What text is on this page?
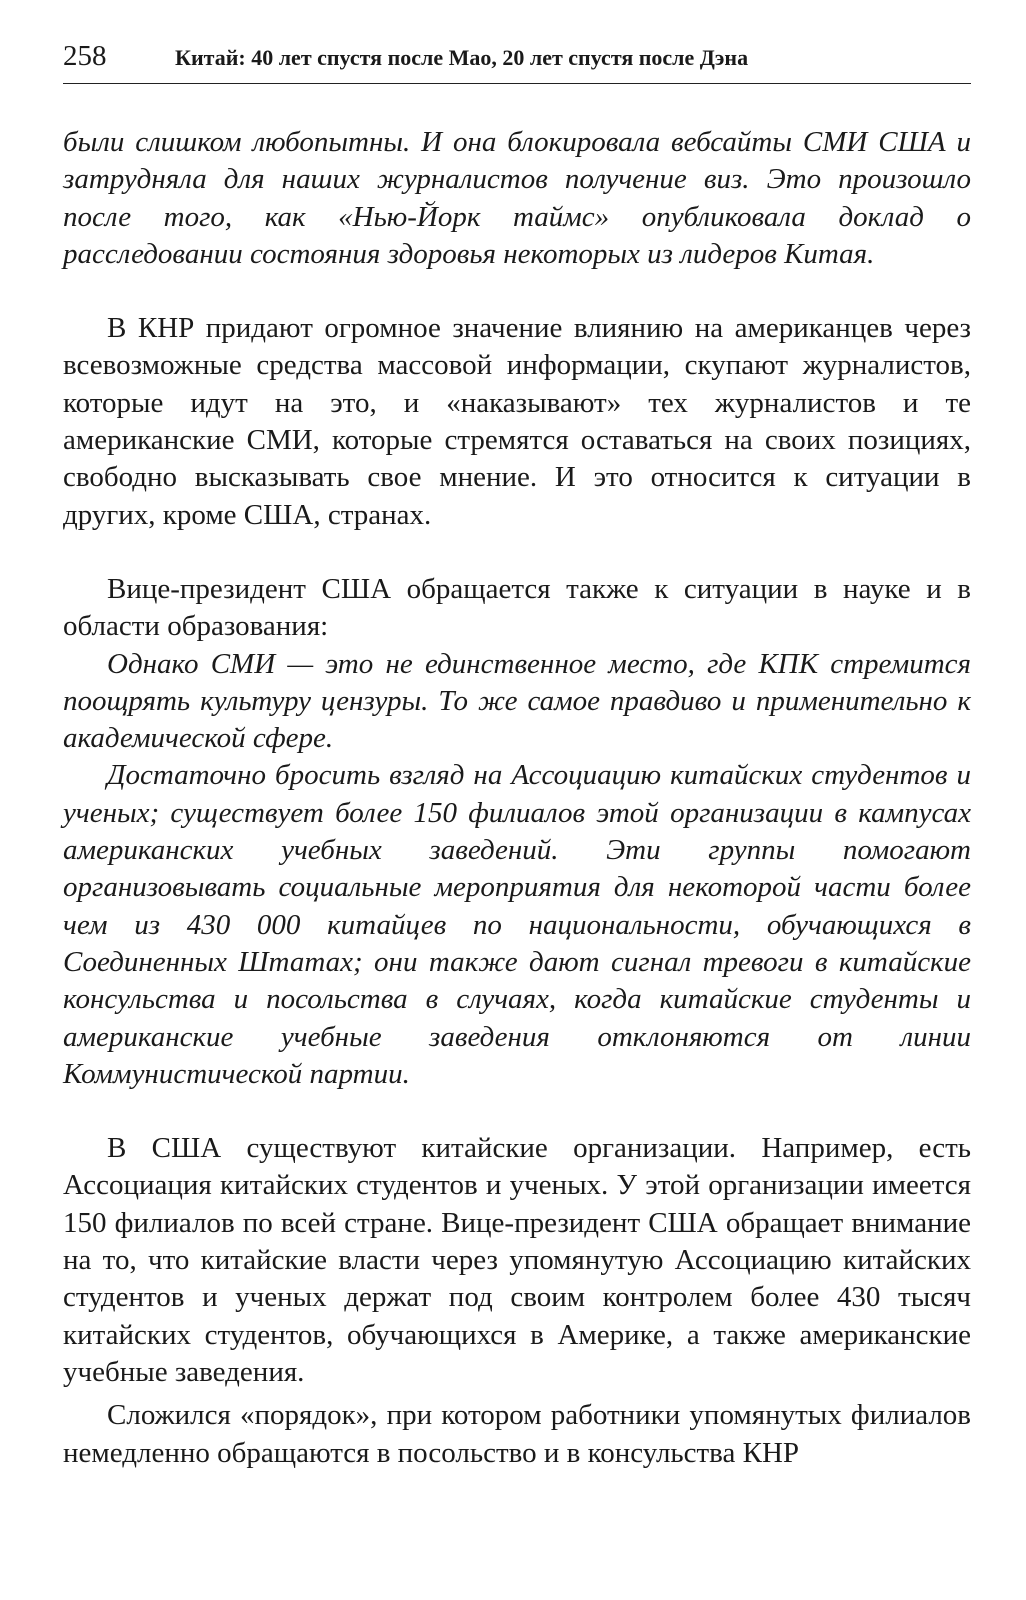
258	Китай: 40 лет спустя после Мао, 20 лет спустя после Дэна

были слишком любопытны. И она блокировала вебсайты СМИ США и затрудняла для наших журналистов получение виз. Это произошло после того, как «Нью-Йорк таймс» опубликовала доклад о расследовании состояния здоровья некоторых из лидеров Китая.

В КНР придают огромное значение влиянию на американцев через всевозможные средства массовой информации, скупают журналистов, которые идут на это, и «наказывают» тех журналистов и те американские СМИ, которые стремятся оставаться на своих позициях, свободно высказывать свое мнение. И это относится к ситуации в других, кроме США, странах.

Вице-президент США обращается также к ситуации в науке и в области образования:

Однако СМИ — это не единственное место, где КПК стремится поощрять культуру цензуры. То же самое правдиво и применительно к академической сфере.

Достаточно бросить взгляд на Ассоциацию китайских студентов и ученых; существует более 150 филиалов этой организации в кампусах американских учебных заведений. Эти группы помогают организовывать социальные мероприятия для некоторой части более чем из 430 000 китайцев по национальности, обучающихся в Соединенных Штатах; они также дают сигнал тревоги в китайские консульства и посольства в случаях, когда китайские студенты и американские учебные заведения отклоняются от линии Коммунистической партии.

В США существуют китайские организации. Например, есть Ассоциация китайских студентов и ученых. У этой организации имеется 150 филиалов по всей стране. Вице-президент США обращает внимание на то, что китайские власти через упомянутую Ассоциацию китайских студентов и ученых держат под своим контролем более 430 тысяч китайских студентов, обучающихся в Америке, а также американские учебные заведения.

Сложился «порядок», при котором работники упомянутых филиалов немедленно обращаются в посольство и в консульства КНР
